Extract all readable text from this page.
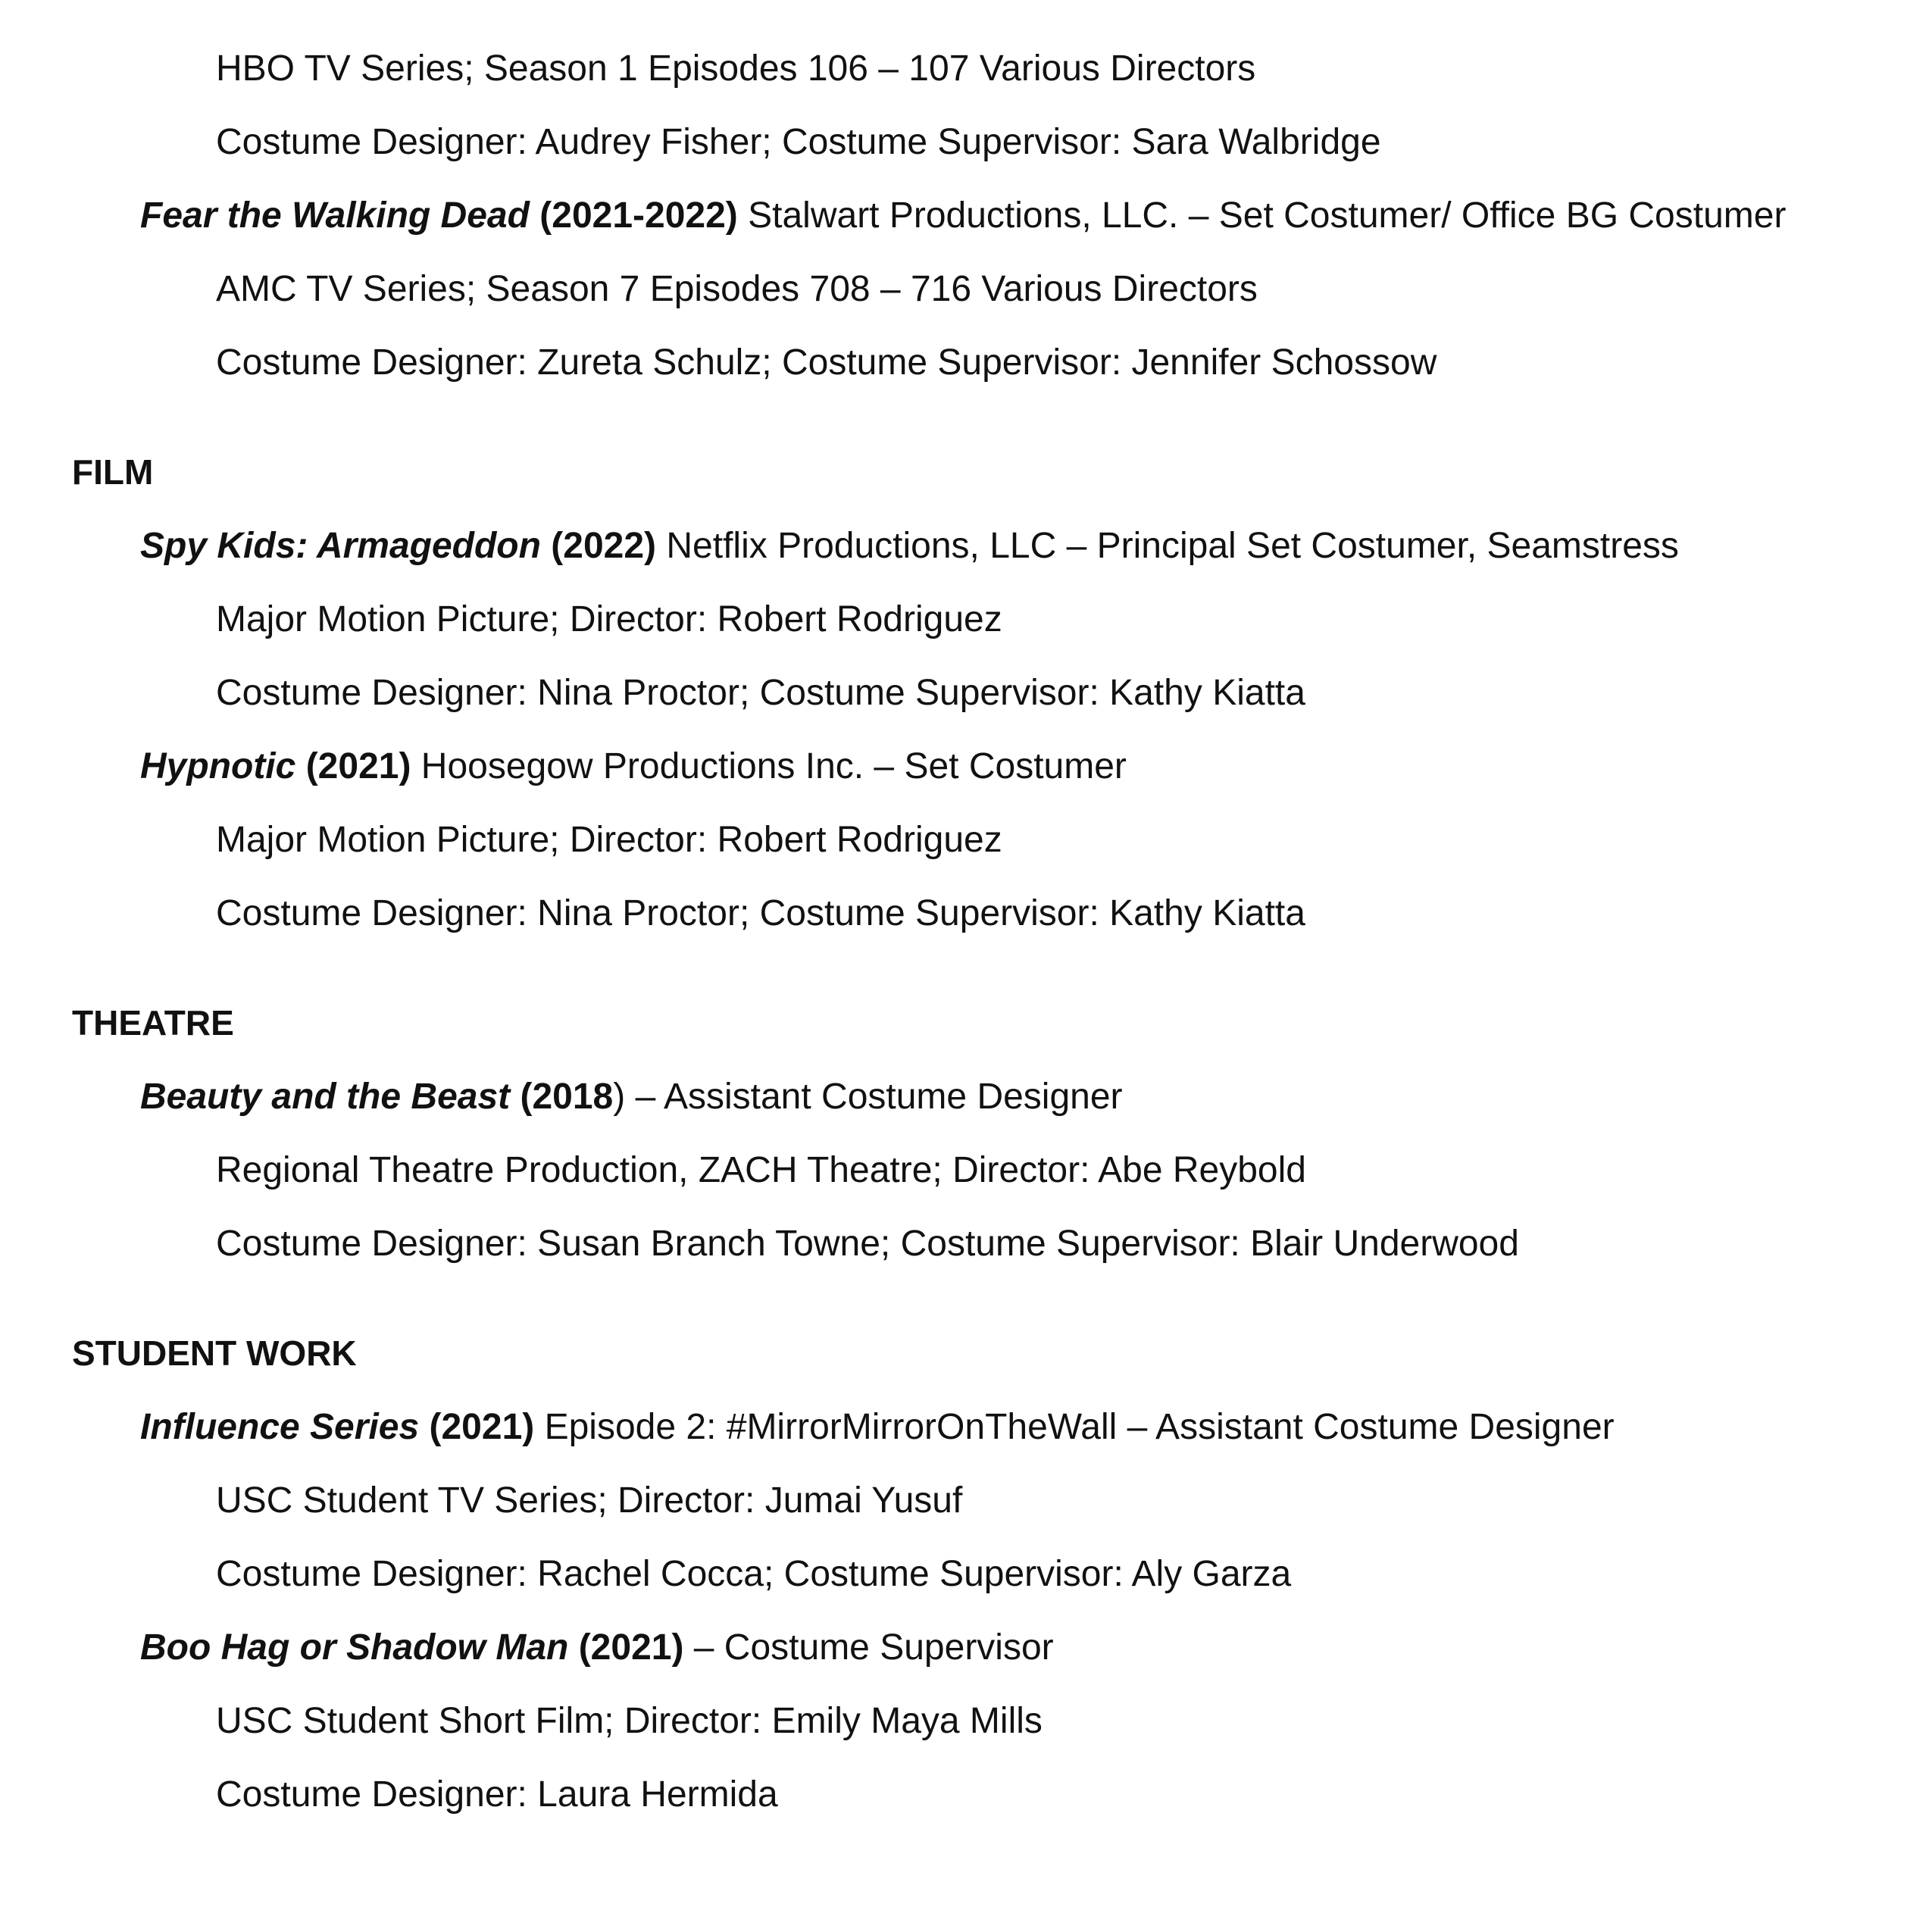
HBO TV Series; Season 1 Episodes 106 – 107 Various Directors

Costume Designer: Audrey Fisher; Costume Supervisor: Sara Walbridge

Fear the Walking Dead (2021-2022) Stalwart Productions, LLC. – Set Costumer/ Office BG Costumer

AMC TV Series; Season 7 Episodes 708 – 716 Various Directors

Costume Designer: Zureta Schulz; Costume Supervisor: Jennifer Schossow

FILM

Spy Kids: Armageddon (2022) Netflix Productions, LLC – Principal Set Costumer, Seamstress

Major Motion Picture; Director: Robert Rodriguez

Costume Designer: Nina Proctor; Costume Supervisor: Kathy Kiatta

Hypnotic (2021) Hoosegow Productions Inc. – Set Costumer

Major Motion Picture; Director: Robert Rodriguez

Costume Designer: Nina Proctor; Costume Supervisor: Kathy Kiatta

THEATRE

Beauty and the Beast (2018) – Assistant Costume Designer

Regional Theatre Production, ZACH Theatre; Director: Abe Reybold

Costume Designer: Susan Branch Towne; Costume Supervisor: Blair Underwood

STUDENT WORK

Influence Series (2021) Episode 2: #MirrorMirrorOnTheWall – Assistant Costume Designer

USC Student TV Series; Director: Jumai Yusuf

Costume Designer: Rachel Cocca; Costume Supervisor: Aly Garza

Boo Hag or Shadow Man (2021) – Costume Supervisor

USC Student Short Film; Director: Emily Maya Mills

Costume Designer: Laura Hermida
